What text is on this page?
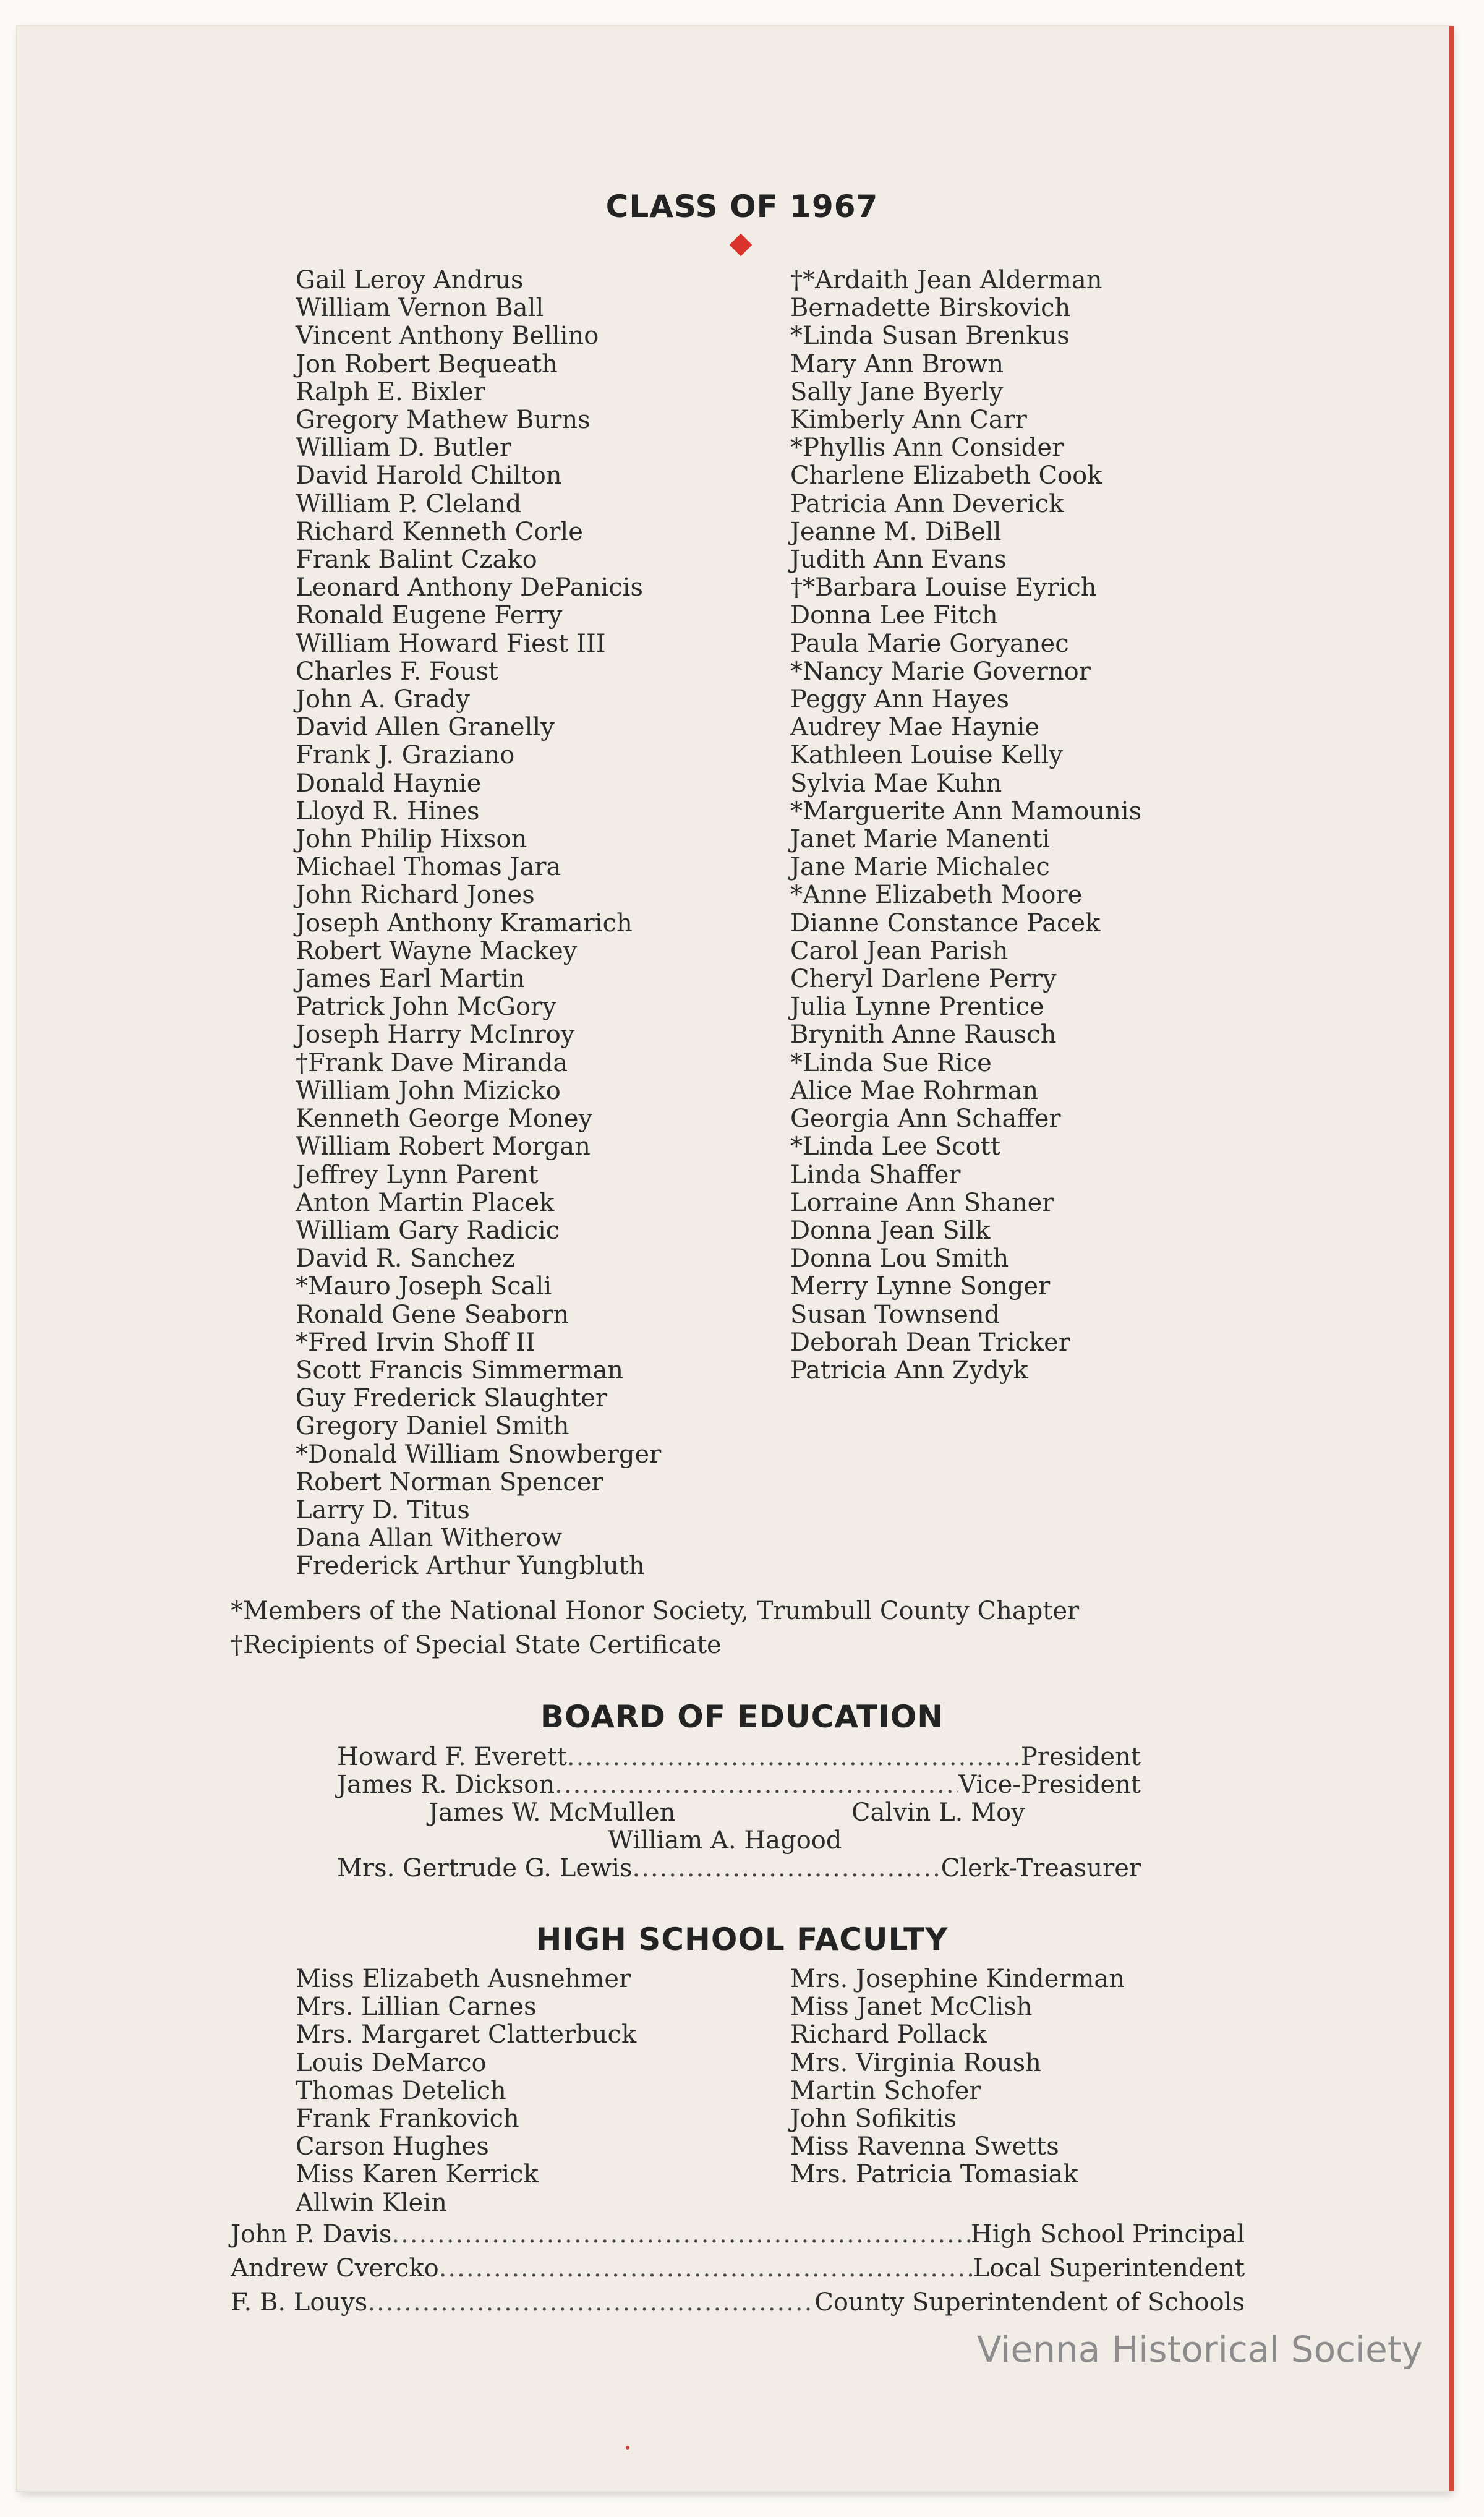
CLASS OF 1967
Gail Leroy Andrus
William Vernon Ball
Vincent Anthony Bellino
Jon Robert Bequeath
Ralph E. Bixler
Gregory Mathew Burns
William D. Butler
David Harold Chilton
William P. Cleland
Richard Kenneth Corle
Frank Balint Czako
Leonard Anthony DePanicis
Ronald Eugene Ferry
William Howard Fiest III
Charles F. Foust
John A. Grady
David Allen Granelly
Frank J. Graziano
Donald Haynie
Lloyd R. Hines
John Philip Hixson
Michael Thomas Jara
John Richard Jones
Joseph Anthony Kramarich
Robert Wayne Mackey
James Earl Martin
Patrick John McGory
Joseph Harry McInroy
†Frank Dave Miranda
William John Mizicko
Kenneth George Money
William Robert Morgan
Jeffrey Lynn Parent
Anton Martin Placek
William Gary Radicic
David R. Sanchez
*Mauro Joseph Scali
Ronald Gene Seaborn
*Fred Irvin Shoff II
Scott Francis Simmerman
Guy Frederick Slaughter
Gregory Daniel Smith
*Donald William Snowberger
Robert Norman Spencer
Larry D. Titus
Dana Allan Witherow
Frederick Arthur Yungbluth
†*Ardaith Jean Alderman
Bernadette Birskovich
*Linda Susan Brenkus
Mary Ann Brown
Sally Jane Byerly
Kimberly Ann Carr
*Phyllis Ann Consider
Charlene Elizabeth Cook
Patricia Ann Deverick
Jeanne M. DiBell
Judith Ann Evans
†*Barbara Louise Eyrich
Donna Lee Fitch
Paula Marie Goryanec
*Nancy Marie Governor
Peggy Ann Hayes
Audrey Mae Haynie
Kathleen Louise Kelly
Sylvia Mae Kuhn
*Marguerite Ann Mamounis
Janet Marie Manenti
Jane Marie Michalec
*Anne Elizabeth Moore
Dianne Constance Pacek
Carol Jean Parish
Cheryl Darlene Perry
Julia Lynne Prentice
Brynith Anne Rausch
*Linda Sue Rice
Alice Mae Rohrman
Georgia Ann Schaffer
*Linda Lee Scott
Linda Shaffer
Lorraine Ann Shaner
Donna Jean Silk
Donna Lou Smith
Merry Lynne Songer
Susan Townsend
Deborah Dean Tricker
Patricia Ann Zydyk
*Members of the National Honor Society, Trumbull County Chapter
†Recipients of Special State Certificate
BOARD OF EDUCATION
Howard F. Everett .....	President
James R. Dickson .....	Vice-President
James W. McMullen	Calvin L. Moy
William A. Hagood
Mrs. Gertrude G. Lewis .....	Clerk-Treasurer
HIGH SCHOOL FACULTY
Miss Elizabeth Ausnehmer
Mrs. Lillian Carnes
Mrs. Margaret Clatterbuck
Louis DeMarco
Thomas Detelich
Frank Frankovich
Carson Hughes
Miss Karen Kerrick
Allwin Klein
Mrs. Josephine Kinderman
Miss Janet McClish
Richard Pollack
Mrs. Virginia Roush
Martin Schofer
John Sofikitis
Miss Ravenna Swetts
Mrs. Patricia Tomasiak
John P. Davis .....	High School Principal
Andrew Cvercko .....	Local Superintendent
F. B. Louys .....	County Superintendent of Schools
Vienna Historical Society
